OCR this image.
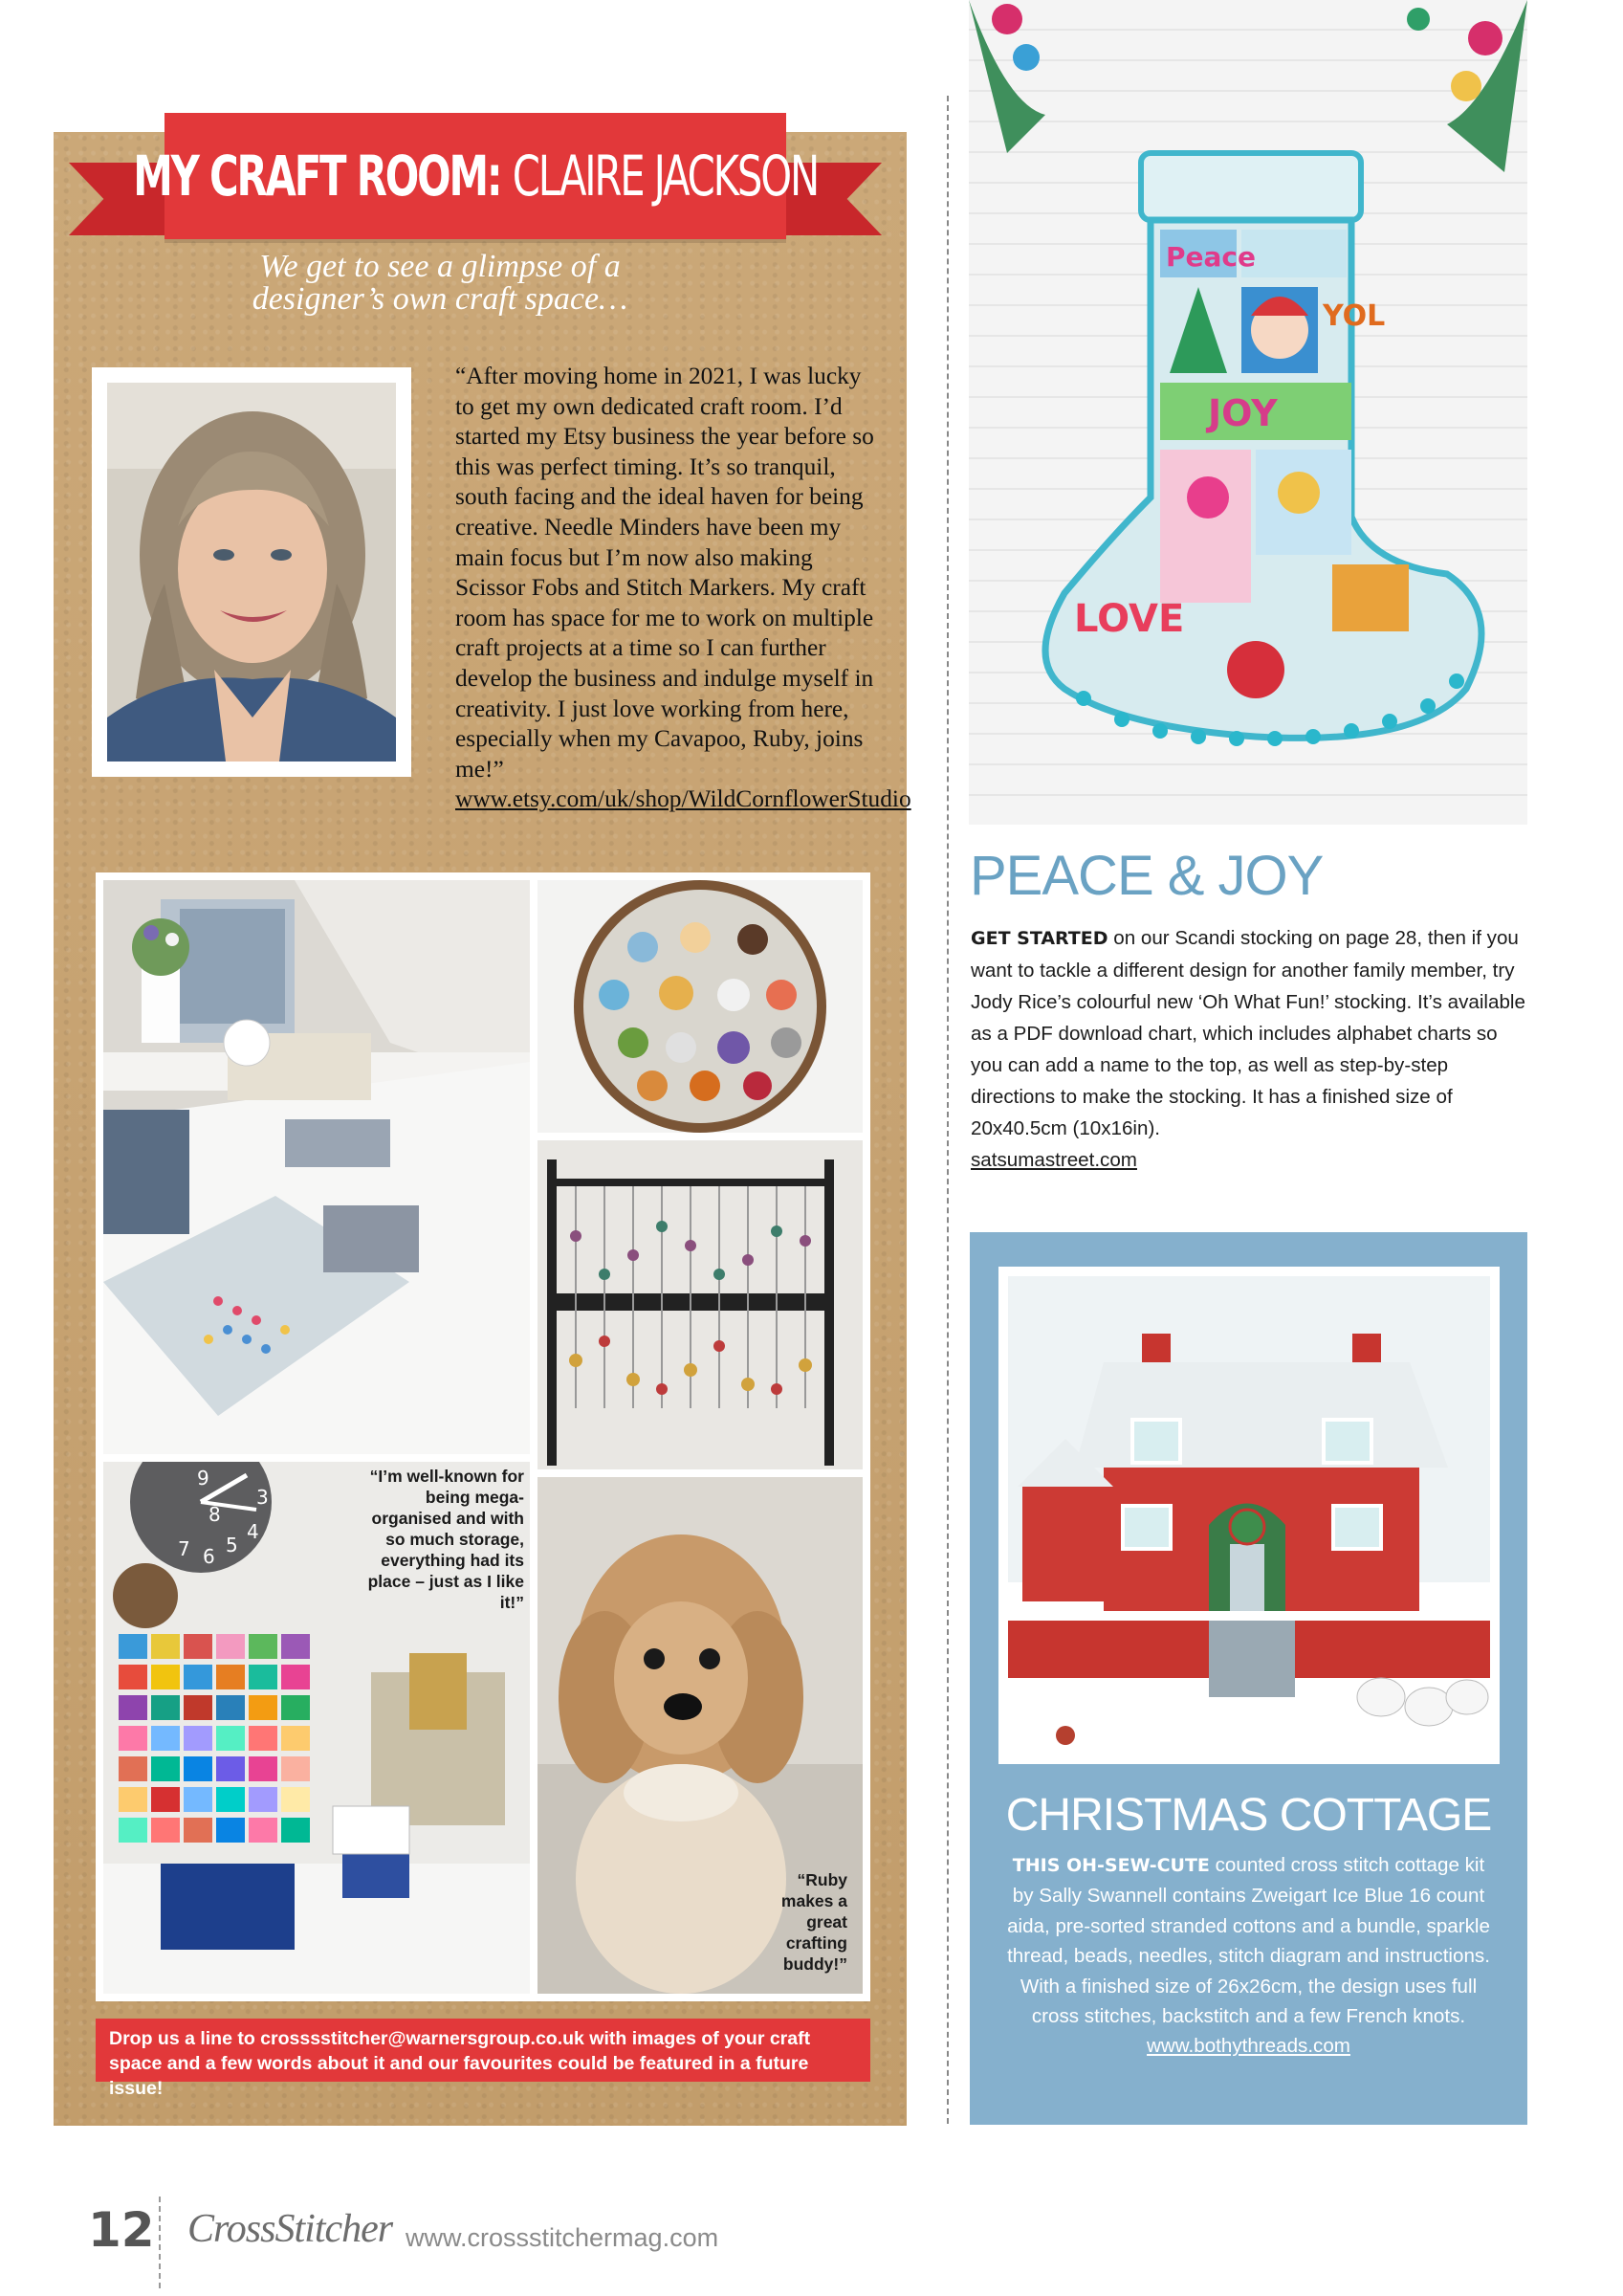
MY CRAFT ROOM: CLAIRE JACKSON
We get to see a glimpse of a
designer’s own craft space…
“After moving home in 2021, I was lucky to get my own dedicated craft room. I’d started my Etsy business the year before so this was perfect timing. It’s so tranquil, south facing and the ideal haven for being creative. Needle Minders have been my main focus but I’m now also making Scissor Fobs and Stitch Markers. My craft room has space for me to work on multiple craft projects at a time so I can further develop the business and indulge myself in creativity. I just love working from here, especially when my Cavapoo, Ruby, joins me!” www.etsy.com/uk/shop/WildCornflowerStudio
9
3
8
4
7 6 5
“I’m well-known for being mega-organised and with so much storage, everything had its place – just as I like it!”
“Ruby makes a great crafting buddy!”
Drop us a line to crosssstitcher@warnersgroup.co.uk with images of your craft space and a few words about it and our favourites could be featured in a future issue!
Peace
YOL
JOY
LOVE
PEACE & JOY
GET STARTED on our Scandi stocking on page 28, then if you want to tackle a different design for another family member, try Jody Rice’s colourful new ‘Oh What Fun!’ stocking. It’s available as a PDF download chart, which includes alphabet charts so you can add a name to the top, as well as step-by-step directions to make the stocking. It has a finished size of 20x40.5cm (10x16in).
satsumastreet.com
CHRISTMAS COTTAGE
THIS OH-SEW-CUTE counted cross stitch cottage kit by Sally Swannell contains Zweigart Ice Blue 16 count aida, pre-sorted stranded cottons and a bundle, sparkle thread, beads, needles, stitch diagram and instructions. With a finished size of 26x26cm, the design uses full cross stitches, backstitch and a few French knots.
www.bothythreads.com
12 CrossStitcher www.crossstitchermag.com
